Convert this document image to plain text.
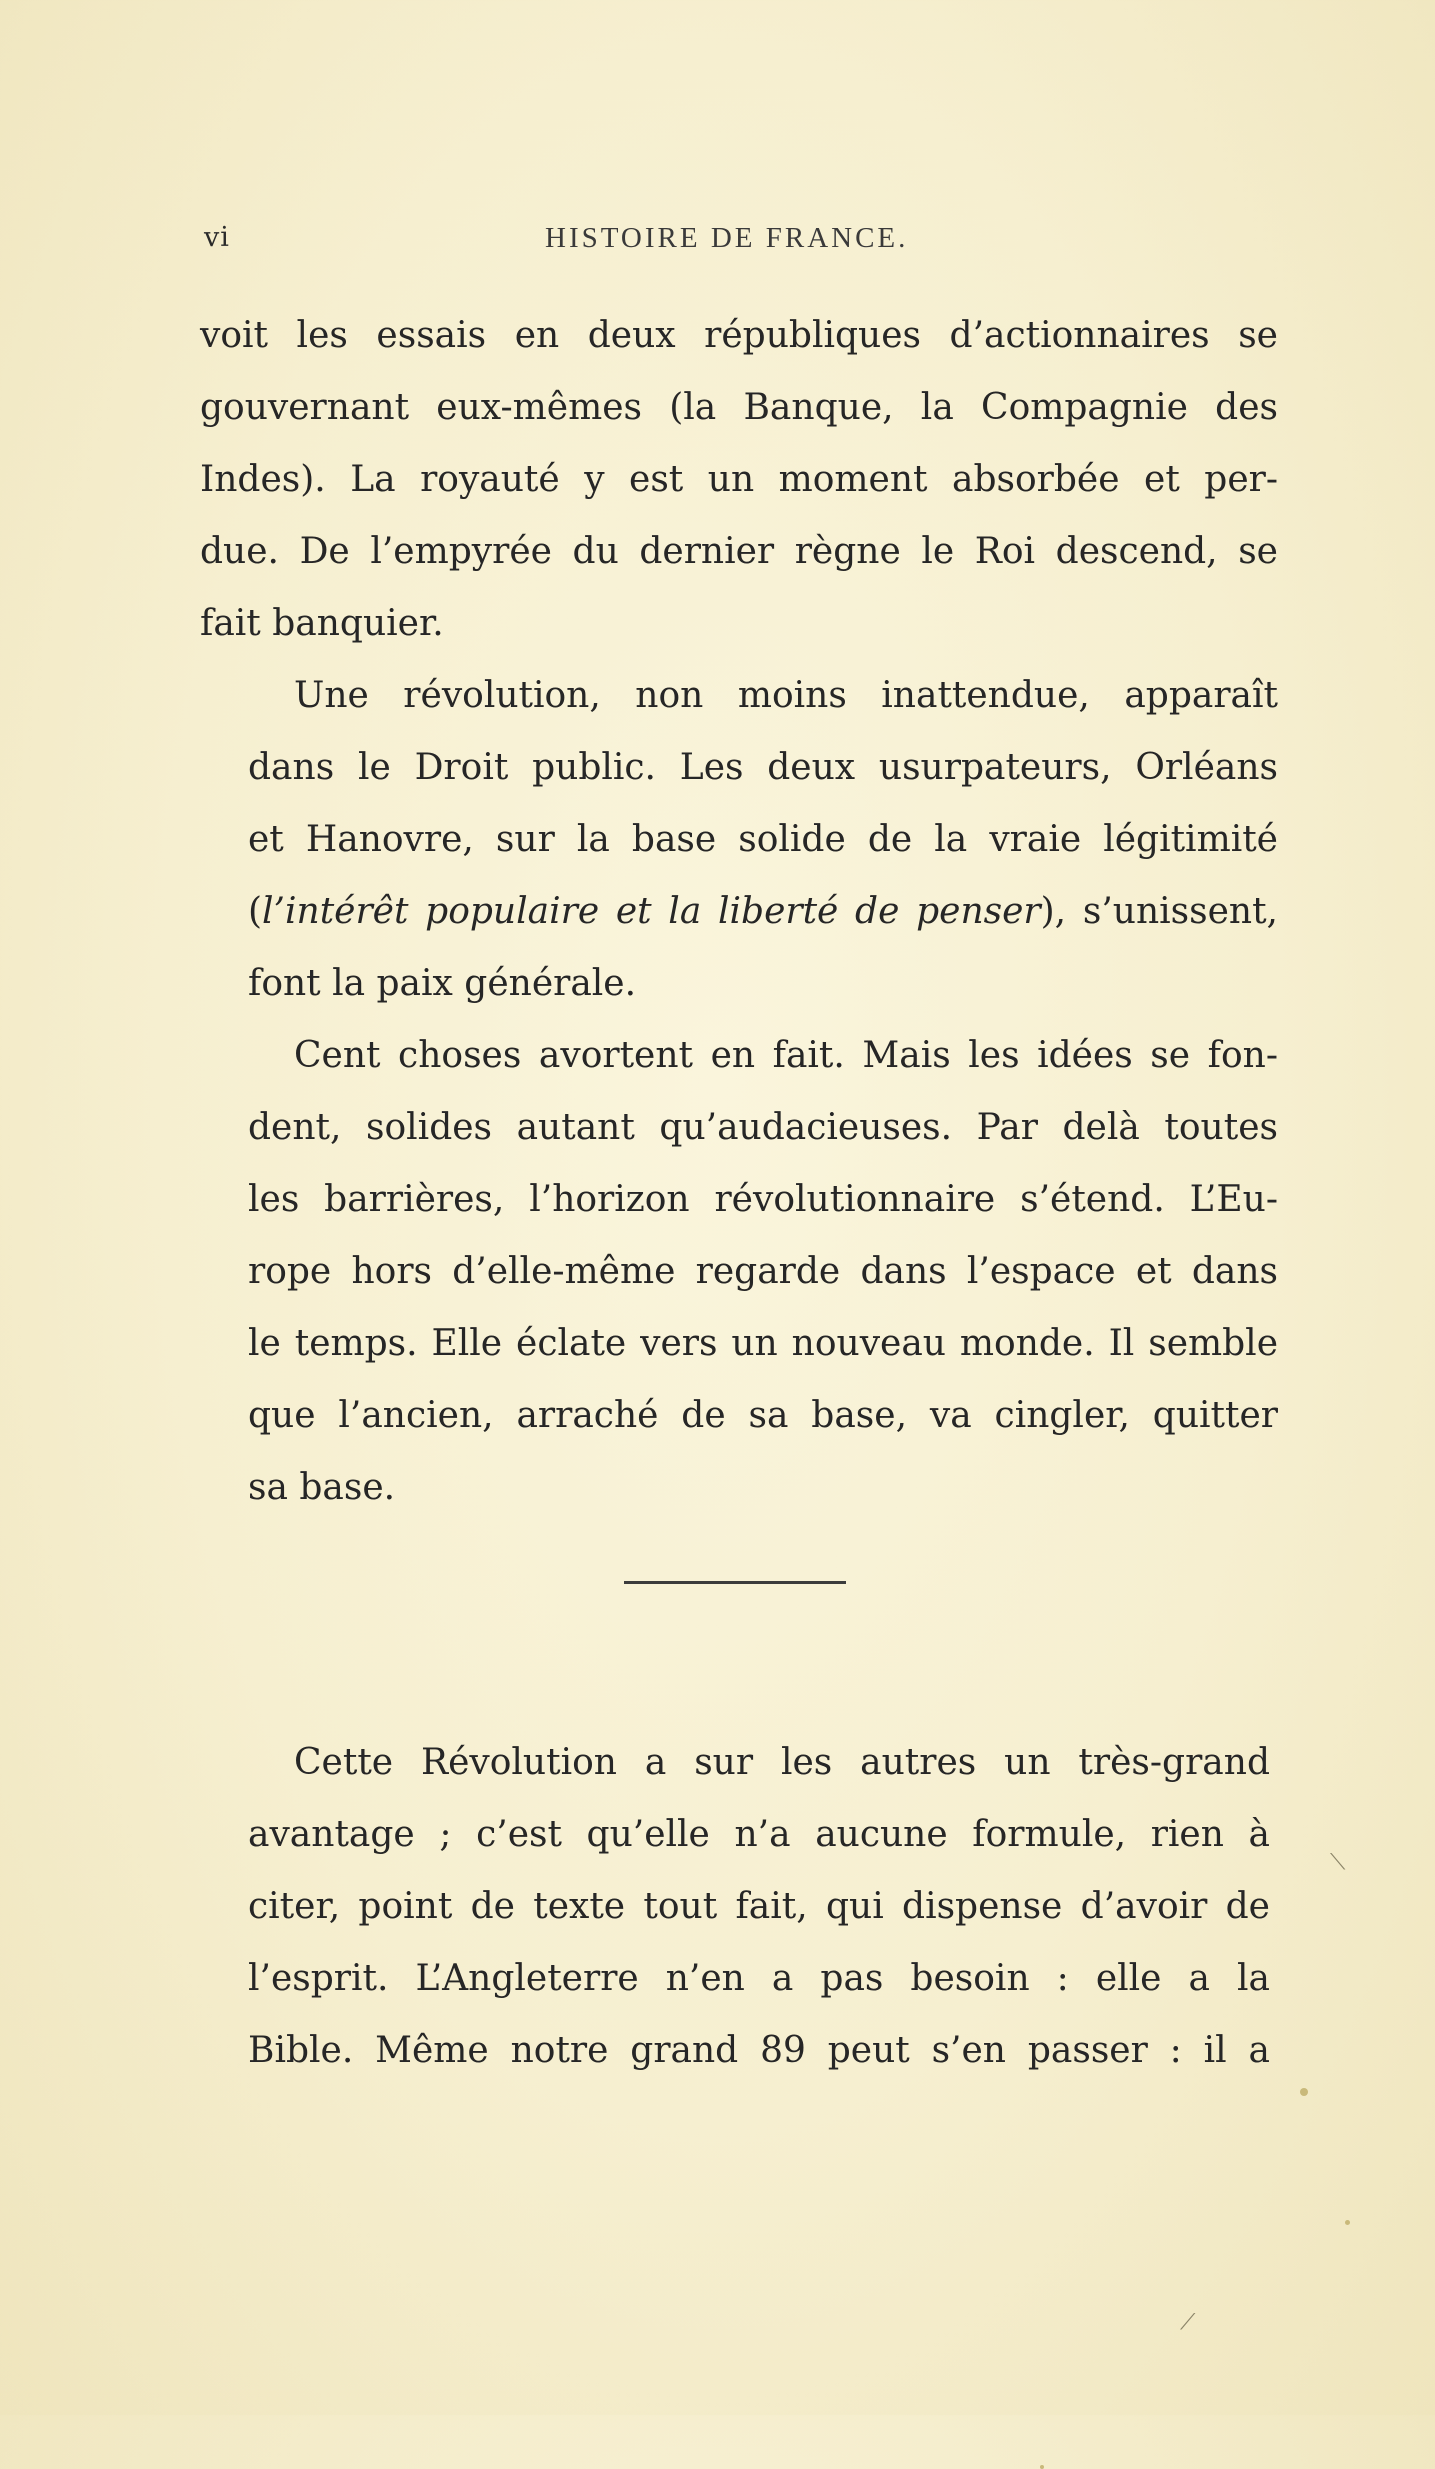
vi	HISTOIRE DE FRANCE.

voit les essais en deux républiques d’actionnaires se
gouvernant eux-mêmes (la Banque, la Compagnie des
Indes). La royauté y est un moment absorbée et per-
due. De l’empyrée du dernier règne le Roi descend, se
fait banquier.

Une révolution, non moins inattendue, apparaît
dans le Droit public. Les deux usurpateurs, Orléans
et Hanovre, sur la base solide de la vraie légitimité
(l’intérêt populaire et la liberté de penser), s’unissent,
font la paix générale.

Cent choses avortent en fait. Mais les idées se fon-
dent, solides autant qu’audacieuses. Par delà toutes
les barrières, l’horizon révolutionnaire s’étend. L’Eu-
rope hors d’elle-même regarde dans l’espace et dans
le temps. Elle éclate vers un nouveau monde. Il semble
que l’ancien, arraché de sa base, va cingler, quitter
sa base.

Cette Révolution a sur les autres un très-grand
avantage ; c’est qu’elle n’a aucune formule, rien à
citer, point de texte tout fait, qui dispense d’avoir de
l’esprit. L’Angleterre n’en a pas besoin : elle a la
Bible. Même notre grand 89 peut s’en passer : il a

⟍
⟋
